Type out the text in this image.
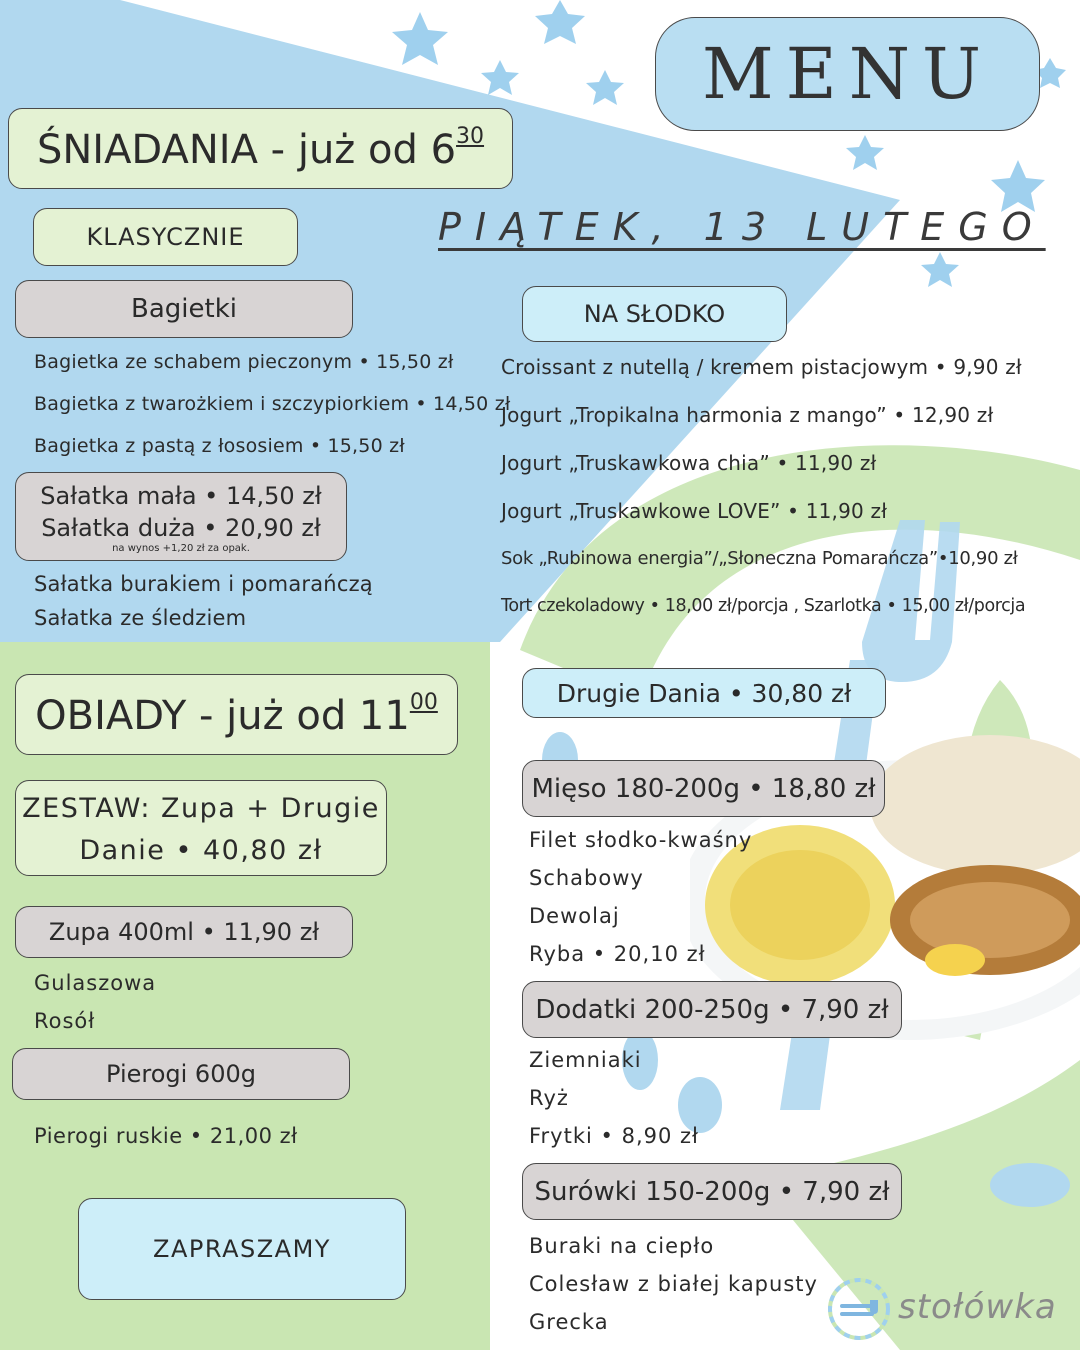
MENU
PIĄTEK, 13 LUTEGO
ŚNIADANIA - już od $6^{30}$
KLASYCZNIE
Bagietki
Bagietka ze schabem pieczonym • 15,50 zł
Bagietka z twarożkiem i szczypiorkiem • 14,50 zł
Bagietka z pastą z łososiem • 15,50 zł
Sałatka mała • 14,50 zł
Sałatka duża • 20,90 zł
na wynos +1,20 zł za opak.
Sałatka burakiem i pomarańczą
Sałatka ze śledziem
NA SŁODKO
Croissant z nutellą / kremem pistacjowym • 9,90 zł
Jogurt „Tropikalna harmonia z mango” • 12,90 zł
Jogurt „Truskawkowa chia” • 11,90 zł
Jogurt „Truskawkowe LOVE” • 11,90 zł
Sok „Rubinowa energia”/„Słoneczna Pomarańcza”•10,90 zł
Tort czekoladowy • 18,00 zł/porcja , Szarlotka • 15,00 zł/porcja
OBIADY - już od $11^{00}$
ZESTAW: Zupa + Drugie
Danie • 40,80 zł
Zupa 400ml • 11,90 zł
Gulaszowa
Rosół
Pierogi 600g
Pierogi ruskie • 21,00 zł
ZAPRASZAMY
Drugie Dania • 30,80 zł
Mięso 180-200g • 18,80 zł
Filet słodko-kwaśny
Schabowy
Dewolaj
Ryba • 20,10 zł
Dodatki 200-250g • 7,90 zł
Ziemniaki
Ryż
Frytki • 8,90 zł
Surówki 150-200g • 7,90 zł
Buraki na ciepło
Colesław z białej kapusty
Grecka	stołówka
